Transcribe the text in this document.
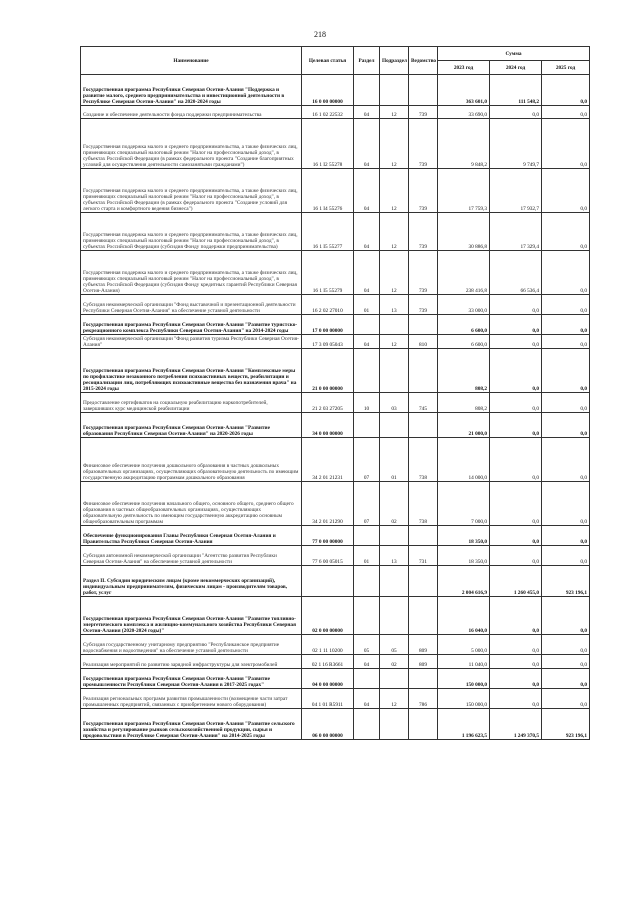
218
Наименование	Целевая статья	Раздел	Подраздел	Ведомство	Сумма		
					2023 год	2024 год	2025 год
Государственная программа Республики Северная Осетия-Алания "Поддержка и развитие малого, среднего предпринимательства и инвестиционной деятельности в Республике Северная Осетия-Алания" на 2020-2024 годы	16 0 00 00000				363 601,0	111 548,2	0,0
Создание и обеспечение деятельности фонда поддержки предпринимательства	16 1 02 22532	04	12	739	33 690,0	0,0	0,0
Государственная поддержка малого и среднего предпринимательства, а также физических лиц, применяющих специальный налоговый режим "Налог на профессиональный доход", в субъектах Российской Федерации (в рамках федерального проекта "Создание благоприятных условий для осуществления деятельности самозанятыми гражданами")	16 1 I2 55278	04	12	739	9 848,2	9 749,7	0,0
Государственная поддержка малого и среднего предпринимательства, а также физических лиц, применяющих специальный налоговый режим "Налог на профессиональный доход", в субъектах Российской Федерации (в рамках федерального проекта "Создание условий для легкого старта и комфортного ведения бизнеса")	16 1 I4 55276	04	12	739	17 759,3	17 932,7	0,0
Государственная поддержка малого и среднего предпринимательства, а также физических лиц, применяющих специальный налоговый режим "Налог на профессиональный доход", в субъектах Российской Федерации (субсидия Фонду поддержки предпринимательства)	16 1 I5 55277	04	12	739	30 886,8	17 329,4	0,0
Государственная поддержка малого и среднего предпринимательства, а также физических лиц, применяющих специальный налоговый режим "Налог на профессиональный доход", в субъектах Российской Федерации (субсидия Фонду кредитных гарантий Республики Северная Осетия-Алания)	16 1 I5 55279	04	12	739	238 416,8	66 536,4	0,0
Субсидия некоммерческой организации "Фонд выставочной и презентационной деятельности Республики Северная Осетия-Алания" на обеспечение уставной деятельности	16 2 02 27010	01	13	739	33 000,0	0,0	0,0
Государственная программа Республики Северная Осетия-Алания "Развитие туристско-рекреационного комплекса Республики Северная Осетия-Алания" на 2014-2024 годы	17 0 00 00000				6 600,0	0,0	0,0
Субсидия некоммерческой организации "Фонд развития туризма Республики Северная Осетия-Алания"	17 3 09 05043	04	12	810	6 600,0	0,0	0,0
Государственная программа Республики Северная Осетия-Алания "Комплексные меры по профилактике незаконного потребления психоактивных веществ, реабилитации и ресоциализации лиц, потребляющих психоактивные вещества без назначения врача" на 2015-2024 годы	21 0 00 00000				808,2	0,0	0,0
Предоставление сертификатов на социальную реабилитацию наркопотребителей, завершивших курс медицинской реабилитации	21 2 03 27205	10	03	745	808,2	0,0	0,0
Государственная программа Республики Северная Осетия-Алания "Развитие образования Республики Северная Осетия-Алания" на 2020-2026 годы	34 0 00 00000				21 000,0	0,0	0,0
Финансовое обеспечение получения дошкольного образования в частных дошкольных образовательных организациях, осуществляющих образовательную деятельность по имеющим государственную аккредитацию программам дошкольного образования	34 2 01 21231	07	01	738	14 000,0	0,0	0,0
Финансовое обеспечение получения начального общего, основного общего, среднего общего образования в частных общеобразовательных организациях, осуществляющих образовательную деятельность по имеющим государственную аккредитацию основным общеобразовательным программам	34 2 01 21290	07	02	738	7 000,0	0,0	0,0
Обеспечение функционирования Главы Республики Северная Осетия-Алания и Правительства Республики Северная Осетия-Алания	77 0 00 00000				18 350,0	0,0	0,0
Субсидия автономной некоммерческой организации "Агентство развития Республики Северная Осетия-Алания" на обеспечение уставной деятельности	77 6 00 05015	01	13	731	18 350,0	0,0	0,0
Раздел II. Субсидии юридическим лицам (кроме некоммерческих организаций), индивидуальным предпринимателям, физическим лицам - производителям товаров, работ, услуг					2 004 616,9	1 260 455,0	923 196,1
Государственная программа Республики Северная Осетия-Алания "Развитие топливно-энергетического комплекса и жилищно-коммунального хозяйства Республики Северная Осетия-Алания (2020-2024 годы)"	02 0 00 00000				16 040,0	0,0	0,0
Субсидия государственному унитарному предприятию "Республиканское предприятие водоснабжения и водоотведения" на обеспечение уставной деятельности	02 1 11 10200	05	05	809	5 000,0	0,0	0,0
Реализация мероприятий по развитию зарядной инфраструктуры для электромобилей	02 1 16 R3661	04	02	809	11 040,0	0,0	0,0
Государственная программа Республики Северная Осетия-Алания "Развитие промышленности Республики Северная Осетия-Алания в 2017-2025 годах"	04 0 00 00000				150 000,0	0,0	0,0
Реализация региональных программ развития промышленности (возмещение части затрат промышленных предприятий, связанных с приобретением нового оборудования)	04 1 01 R5911	04	12	786	150 000,0	0,0	0,0
Государственная программа Республики Северная Осетия-Алания "Развитие сельского хозяйства и регулирование рынков сельскохозяйственной продукции, сырья и продовольствия в Республике Северная Осетия-Алания" на 2014-2025 годы	06 0 00 00000				1 196 623,5	1 249 370,5	923 196,1
